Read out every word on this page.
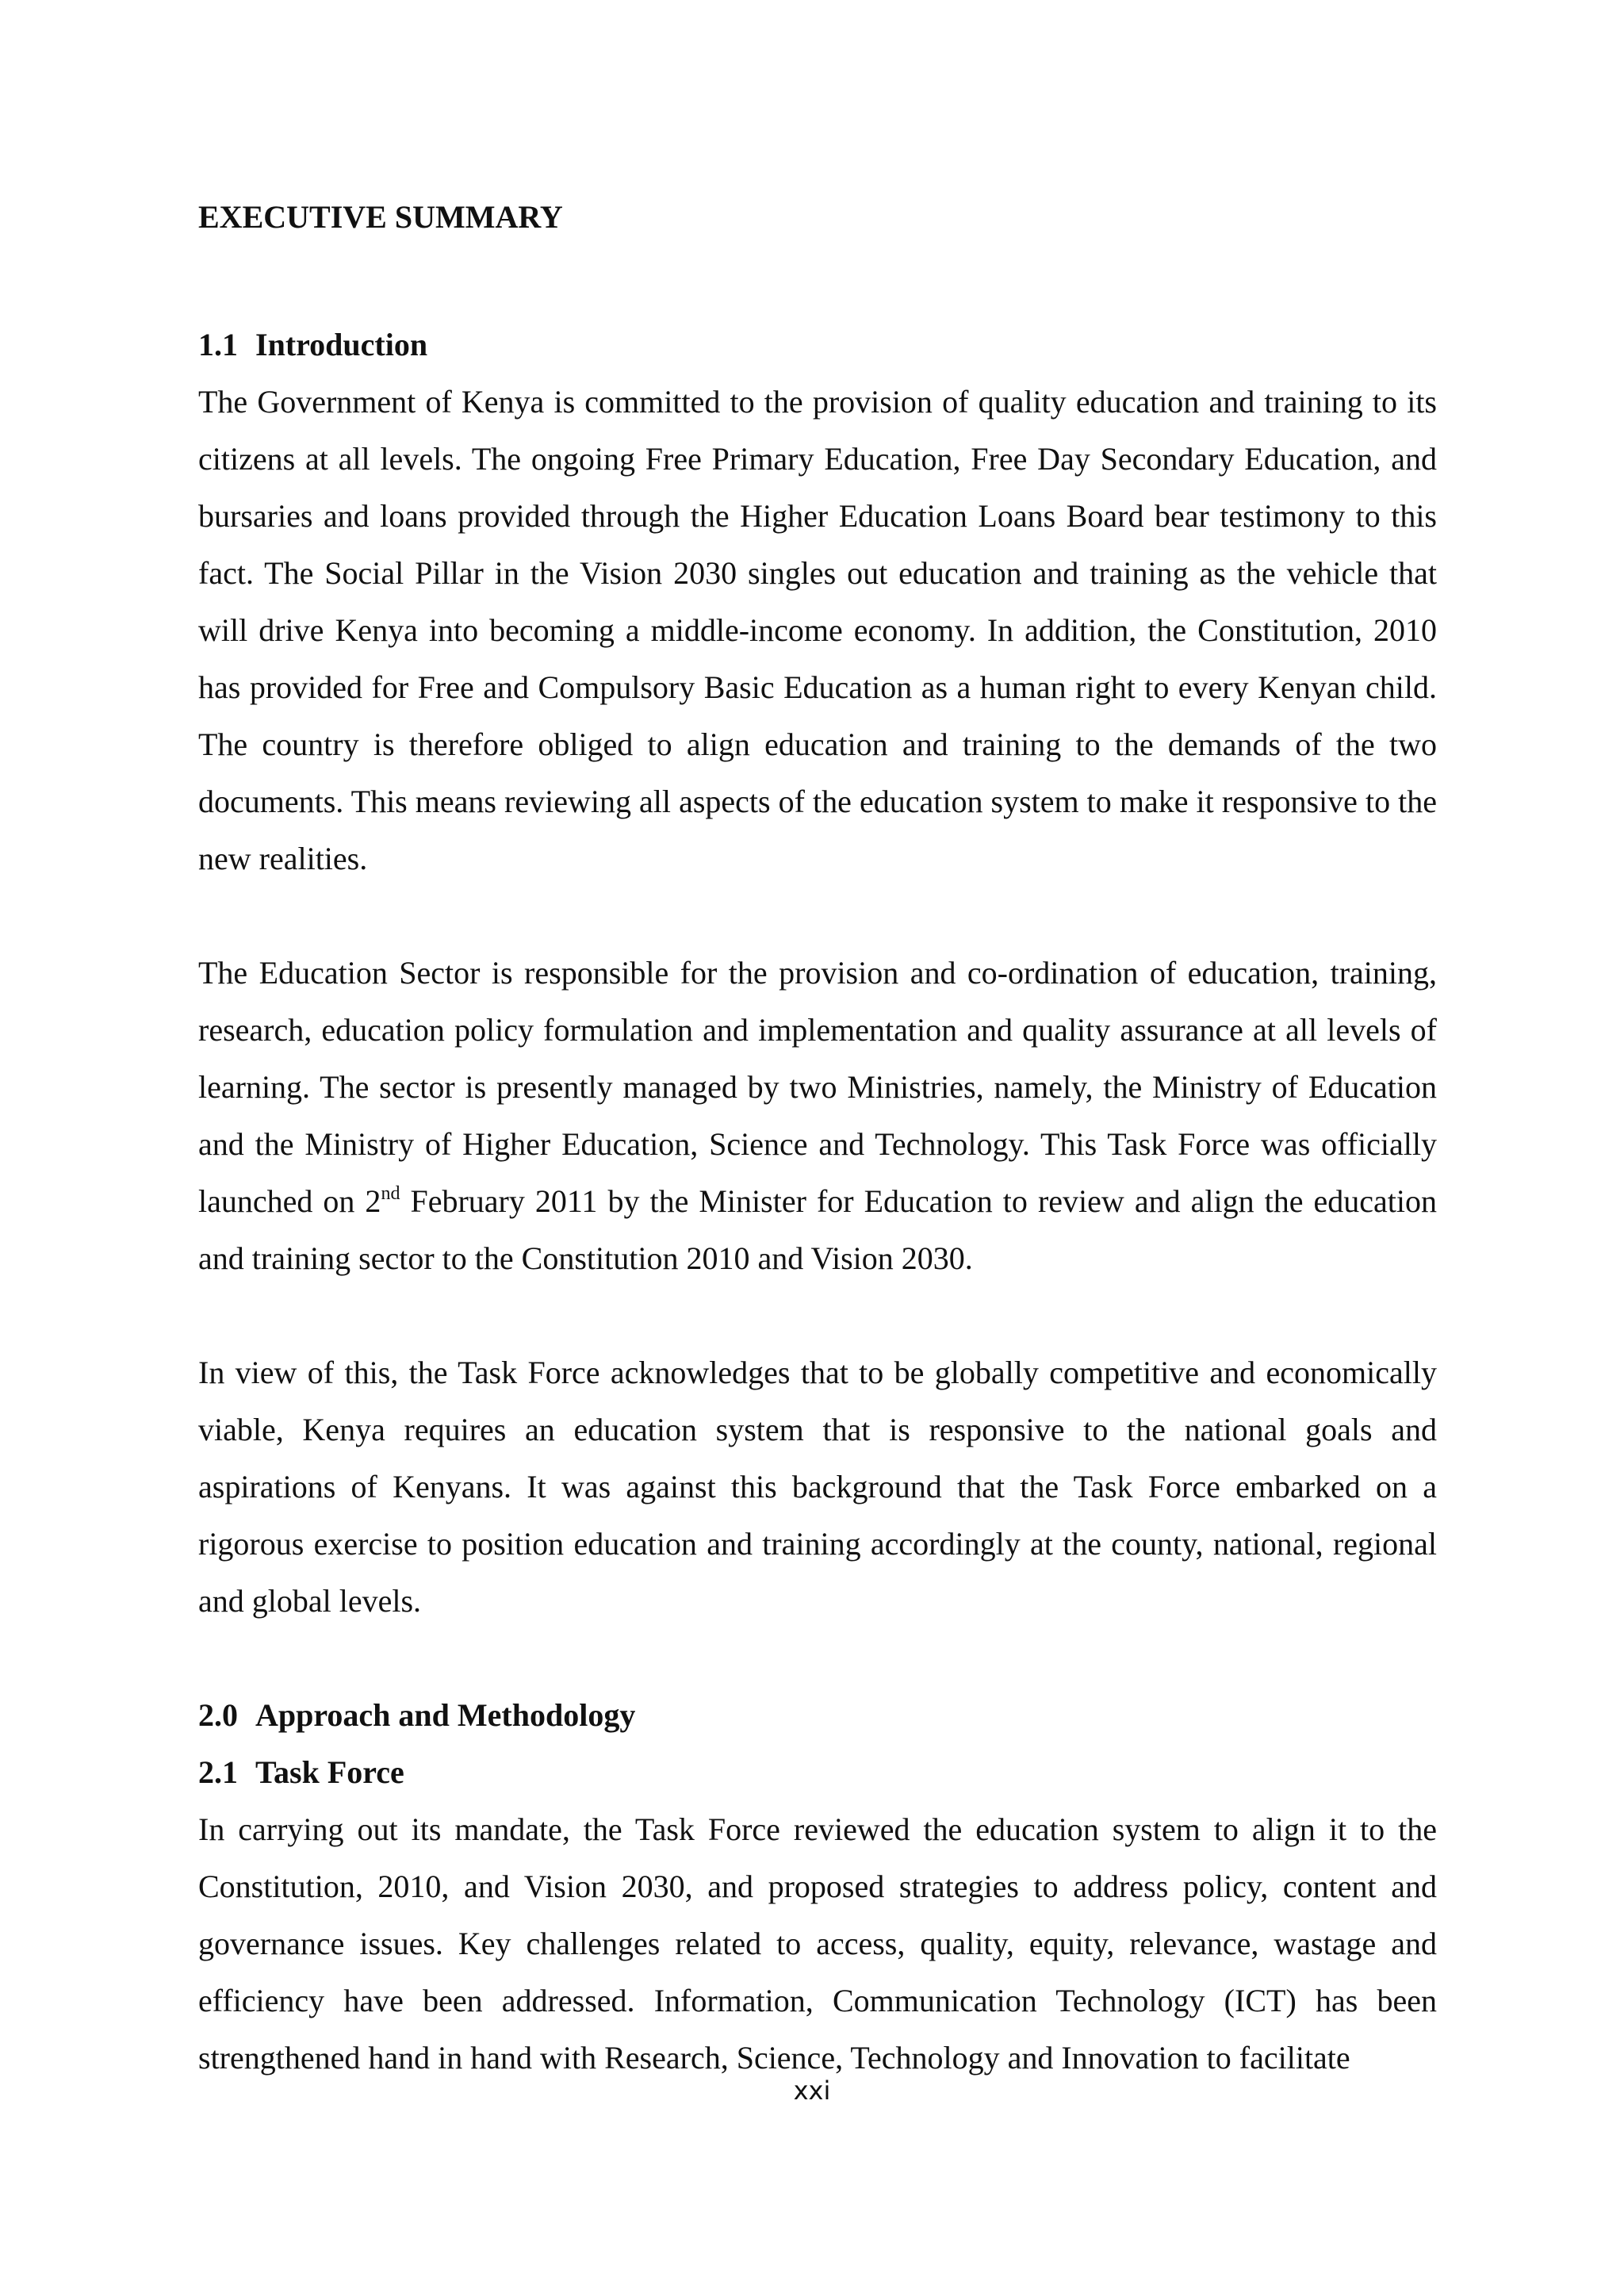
EXECUTIVE SUMMARY
1.1 Introduction

The Government of Kenya is committed to the provision of quality education and training to its citizens at all levels. The ongoing Free Primary Education, Free Day Secondary Education, and bursaries and loans provided through the Higher Education Loans Board bear testimony to this fact. The Social Pillar in the Vision 2030 singles out education and training as the vehicle that will drive Kenya into becoming a middle-income economy. In addition, the Constitution, 2010 has provided for Free and Compulsory Basic Education as a human right to every Kenyan child. The country is therefore obliged to align education and training to the demands of the two documents. This means reviewing all aspects of the education system to make it responsive to the new realities.

The Education Sector is responsible for the provision and co-ordination of education, training, research, education policy formulation and implementation and quality assurance at all levels of learning. The sector is presently managed by two Ministries, namely, the Ministry of Education and the Ministry of Higher Education, Science and Technology. This Task Force was officially launched on 2nd February 2011 by the Minister for Education to review and align the education and training sector to the Constitution 2010 and Vision 2030.

In view of this, the Task Force acknowledges that to be globally competitive and economically viable, Kenya requires an education system that is responsive to the national goals and aspirations of Kenyans. It was against this background that the Task Force embarked on a rigorous exercise to position education and training accordingly at the county, national, regional and global levels.

2.0 Approach and Methodology
2.1 Task Force

In carrying out its mandate, the Task Force reviewed the education system to align it to the Constitution, 2010, and Vision 2030, and proposed strategies to address policy, content and governance issues. Key challenges related to access, quality, equity, relevance, wastage and efficiency have been addressed. Information, Communication Technology (ICT) has been strengthened hand in hand with Research, Science, Technology and Innovation to facilitate

xxi
